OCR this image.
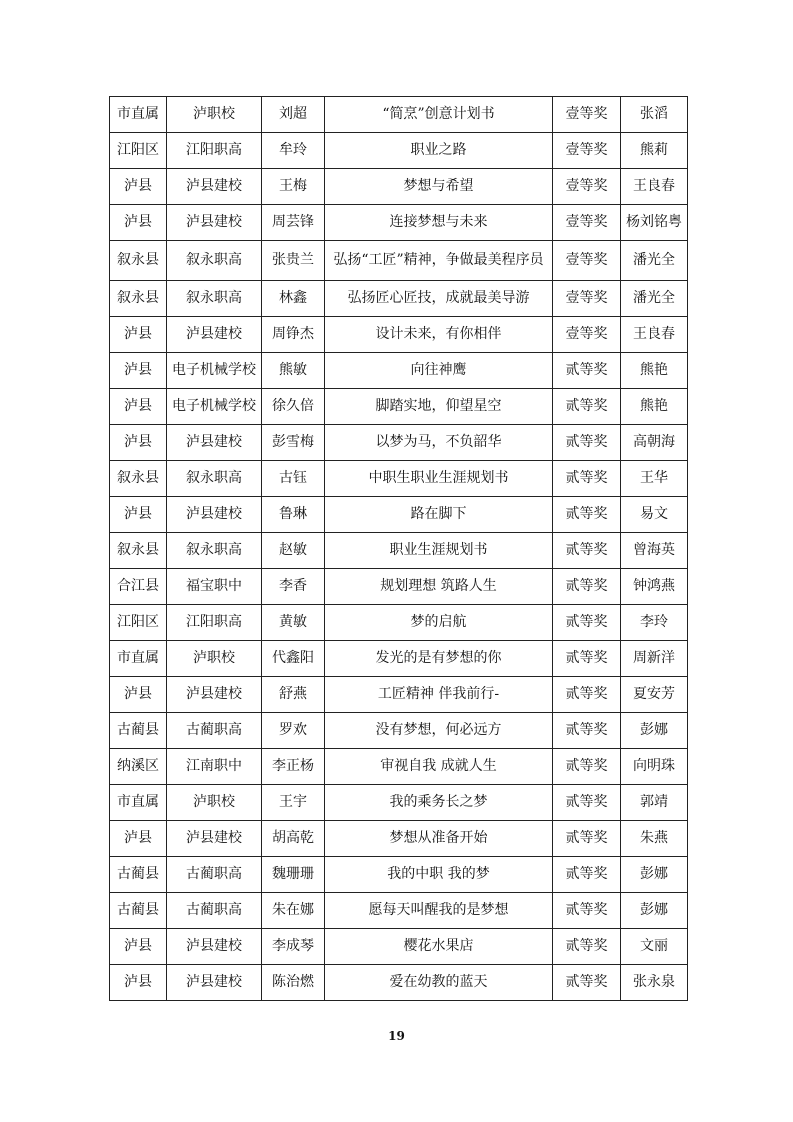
市直属	泸职校	刘超	“简烹”创意计划书	壹等奖	张滔
江阳区	江阳职高	牟玲	职业之路	壹等奖	熊莉
泸县	泸县建校	王梅	梦想与希望	壹等奖	王良春
泸县	泸县建校	周芸锋	连接梦想与未来	壹等奖	杨刘铭粤
叙永县	叙永职高	张贵兰	弘扬“工匠”精神，争做最美程序员	壹等奖	潘光全
叙永县	叙永职高	林鑫	弘扬匠心匠技，成就最美导游	壹等奖	潘光全
泸县	泸县建校	周铮杰	设计未来，有你相伴	壹等奖	王良春
泸县	电子机械学校	熊敏	向往神鹰	贰等奖	熊艳
泸县	电子机械学校	徐久倍	脚踏实地，仰望星空	贰等奖	熊艳
泸县	泸县建校	彭雪梅	以梦为马，不负韶华	贰等奖	高朝海
叙永县	叙永职高	古钰	中职生职业生涯规划书	贰等奖	王华
泸县	泸县建校	鲁琳	路在脚下	贰等奖	易文
叙永县	叙永职高	赵敏	职业生涯规划书	贰等奖	曾海英
合江县	福宝职中	李香	规划理想 筑路人生	贰等奖	钟鸿燕
江阳区	江阳职高	黄敏	梦的启航	贰等奖	李玲
市直属	泸职校	代鑫阳	发光的是有梦想的你	贰等奖	周新洋
泸县	泸县建校	舒燕	工匠精神 伴我前行-	贰等奖	夏安芳
古蔺县	古蔺职高	罗欢	没有梦想，何必远方	贰等奖	彭娜
纳溪区	江南职中	李正杨	审视自我 成就人生	贰等奖	向明珠
市直属	泸职校	王宇	我的乘务长之梦	贰等奖	郭靖
泸县	泸县建校	胡高乾	梦想从准备开始	贰等奖	朱燕
古蔺县	古蔺职高	魏珊珊	我的中职 我的梦	贰等奖	彭娜
古蔺县	古蔺职高	朱在娜	愿每天叫醒我的是梦想	贰等奖	彭娜
泸县	泸县建校	李成琴	樱花水果店	贰等奖	文丽
泸县	泸县建校	陈治燃	爱在幼教的蓝天	贰等奖	张永泉
19
